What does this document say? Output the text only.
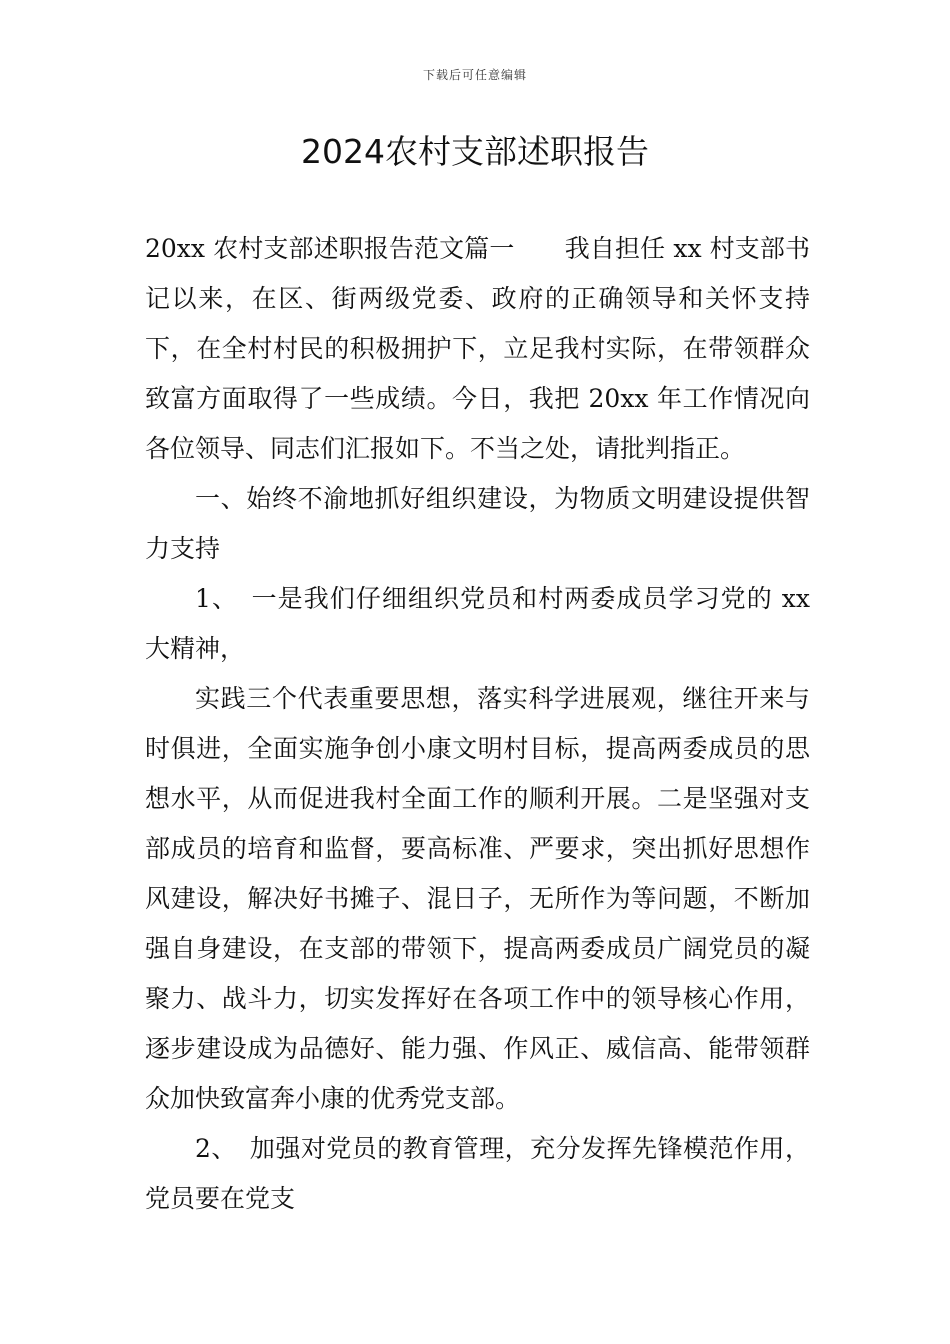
下载后可任意编辑
2024农村支部述职报告

20xx 农村支部述职报告范文篇一　　我自担任 xx 村支部书记以来，在区、街两级党委、政府的正确领导和关怀支持下，在全村村民的积极拥护下，立足我村实际，在带领群众致富方面取得了一些成绩。今日，我把 20xx 年工作情况向各位领导、同志们汇报如下。不当之处，请批判指正。

一、始终不渝地抓好组织建设，为物质文明建设提供智力支持

1、　一是我们仔细组织党员和村两委成员学习党的 xx 大精神，

实践三个代表重要思想，落实科学进展观，继往开来与时俱进，全面实施争创小康文明村目标，提高两委成员的思想水平，从而促进我村全面工作的顺利开展。二是坚强对支部成员的培育和监督，要高标准、严要求，突出抓好思想作风建设，解决好书摊子、混日子，无所作为等问题，不断加强自身建设，在支部的带领下，提高两委成员广阔党员的凝聚力、战斗力，切实发挥好在各项工作中的领导核心作用，逐步建设成为品德好、能力强、作风正、威信高、能带领群众加快致富奔小康的优秀党支部。

2、　加强对党员的教育管理，充分发挥先锋模范作用，党员要在党支
